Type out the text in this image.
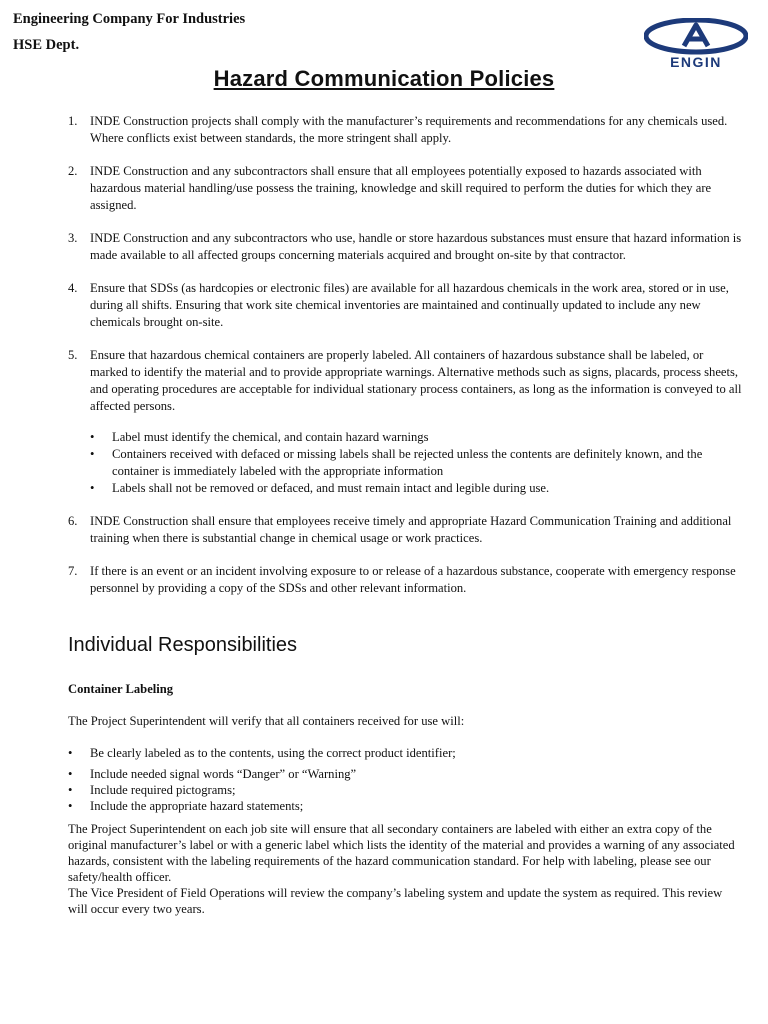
Engineering Company For Industries
HSE Dept.
ENGIN
Hazard Communication Policies
1. INDE Construction projects shall comply with the manufacturer’s requirements and recommendations for any chemicals used. Where conflicts exist between standards, the more stringent shall apply.
2. INDE Construction and any subcontractors shall ensure that all employees potentially exposed to hazards associated with hazardous material handling/use possess the training, knowledge and skill required to perform the duties for which they are assigned.
3. INDE Construction and any subcontractors who use, handle or store hazardous substances must ensure that hazard information is made available to all affected groups concerning materials acquired and brought on-site by that contractor.
4. Ensure that SDSs (as hardcopies or electronic files) are available for all hazardous chemicals in the work area, stored or in use, during all shifts. Ensuring that work site chemical inventories are maintained and continually updated to include any new chemicals brought on-site.
5. Ensure that hazardous chemical containers are properly labeled. All containers of hazardous substance shall be labeled, or marked to identify the material and to provide appropriate warnings. Alternative methods such as signs, placards, process sheets, and operating procedures are acceptable for individual stationary process containers, as long as the information is conveyed to all affected persons.
• Label must identify the chemical, and contain hazard warnings
• Containers received with defaced or missing labels shall be rejected unless the contents are definitely known, and the container is immediately labeled with the appropriate information
• Labels shall not be removed or defaced, and must remain intact and legible during use.
6. INDE Construction shall ensure that employees receive timely and appropriate Hazard Communication Training and additional training when there is substantial change in chemical usage or work practices.
7. If there is an event or an incident involving exposure to or release of a hazardous substance, cooperate with emergency response personnel by providing a copy of the SDSs and other relevant information.
Individual Responsibilities
Container Labeling
The Project Superintendent will verify that all containers received for use will:
• Be clearly labeled as to the contents, using the correct product identifier;
• Include needed signal words “Danger” or “Warning”
• Include required pictograms;
• Include the appropriate hazard statements;
The Project Superintendent on each job site will ensure that all secondary containers are labeled with either an extra copy of the original manufacturer’s label or with a generic label which lists the identity of the material and provides a warning of any associated hazards, consistent with the labeling requirements of the hazard communication standard. For help with labeling, please see our safety/health officer.
The Vice President of Field Operations will review the company’s labeling system and update the system as required. This review will occur every two years.
